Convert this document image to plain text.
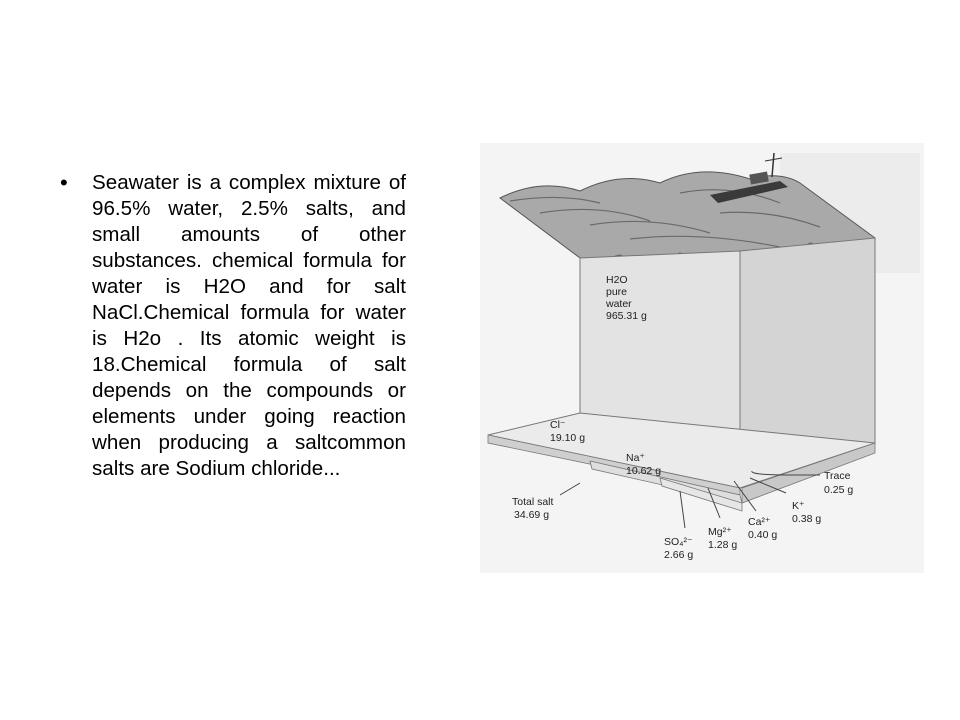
• Seawater is a complex mixture of 96.5% water, 2.5% salts, and small amounts of other substances. chemical formula for water is H2O and for salt NaCl.Chemical formula for water is H2o . Its atomic weight is 18.Chemical formula of salt depends on the compounds or elements under going reaction when producing a saltcommon salts are Sodium chloride...
H2O
pure
water
965.31 g
Cl⁻
19.10 g
Na⁺
10.62 g
Total salt
34.69 g
SO₄²⁻
2.66 g
Mg²⁺
1.28 g
Ca²⁺
0.40 g
K⁺
0.38 g
Trace
0.25 g
